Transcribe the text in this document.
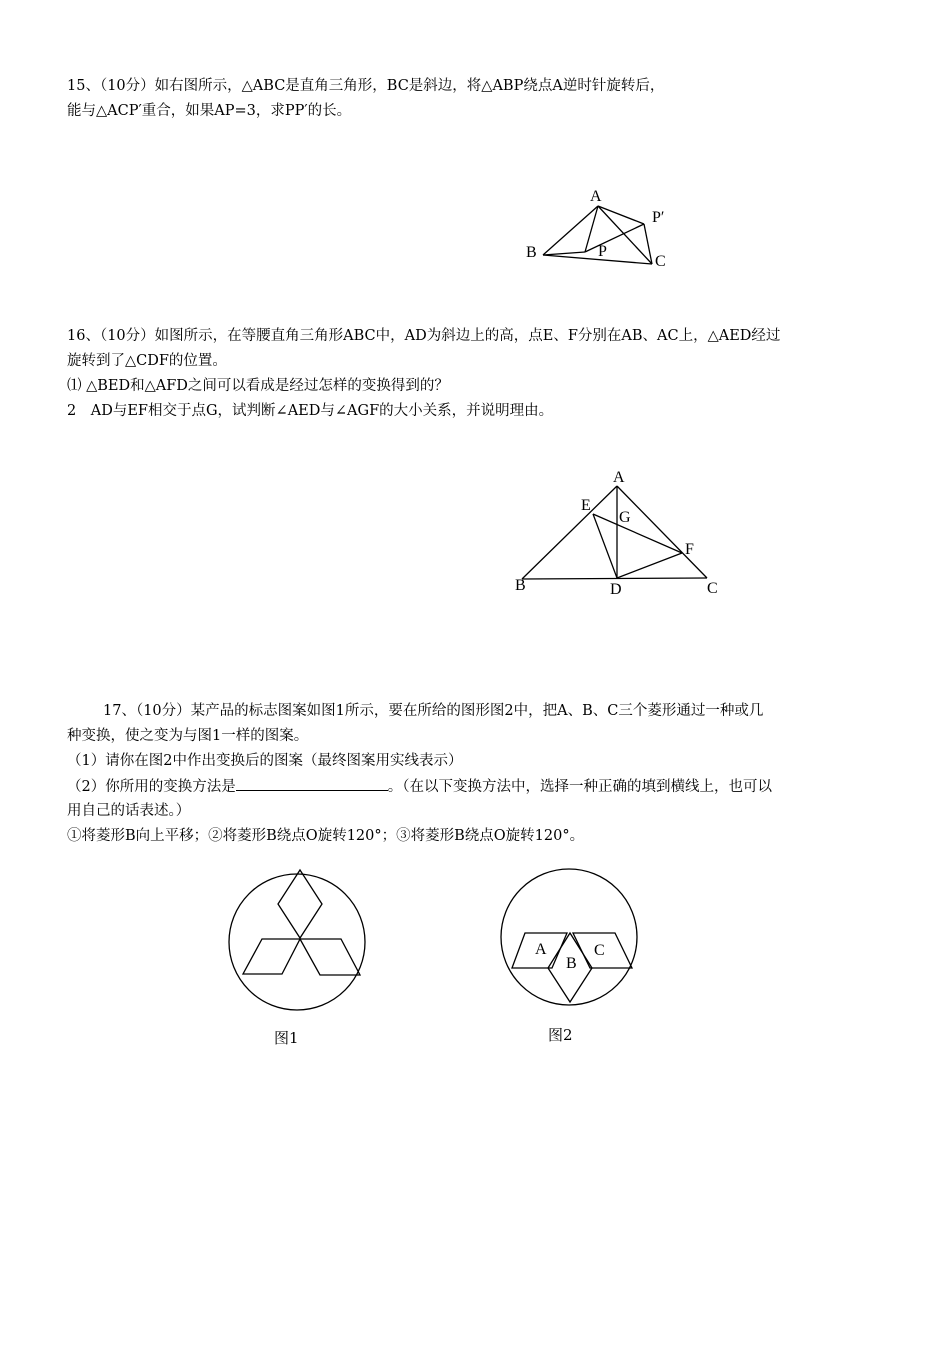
15、（10分）如右图所示，△ABC是直角三角形，BC是斜边，将△ABP绕点A逆时针旋转后，
能与△ACP′重合，如果AP=3，求PP′的长。
A
B
C
P
P′
16、（10分）如图所示，在等腰直角三角形ABC中，AD为斜边上的高，点E、F分别在AB、AC上，△AED经过
旋转到了△CDF的位置。
⑴ △BED和△AFD之间可以看成是经过怎样的变换得到的？
2　AD与EF相交于点G，试判断∠AED与∠AGF的大小关系，并说明理由。
A
B	C
D
E
F
G
17、（10分）某产品的标志图案如图1所示，要在所给的图形图2中，把A、B、C三个菱形通过一种或几
种变换，使之变为与图1一样的图案。
（1）请你在图2中作出变换后的图案（最终图案用实线表示）
（2）你所用的变换方法是	。（在以下变换方法中，选择一种正确的填到横线上，也可以
用自己的话表述。）
①将菱形B向上平移；②将菱形B绕点O旋转120°；③将菱形B绕点O旋转120°。
图1
A
B
C
图2
